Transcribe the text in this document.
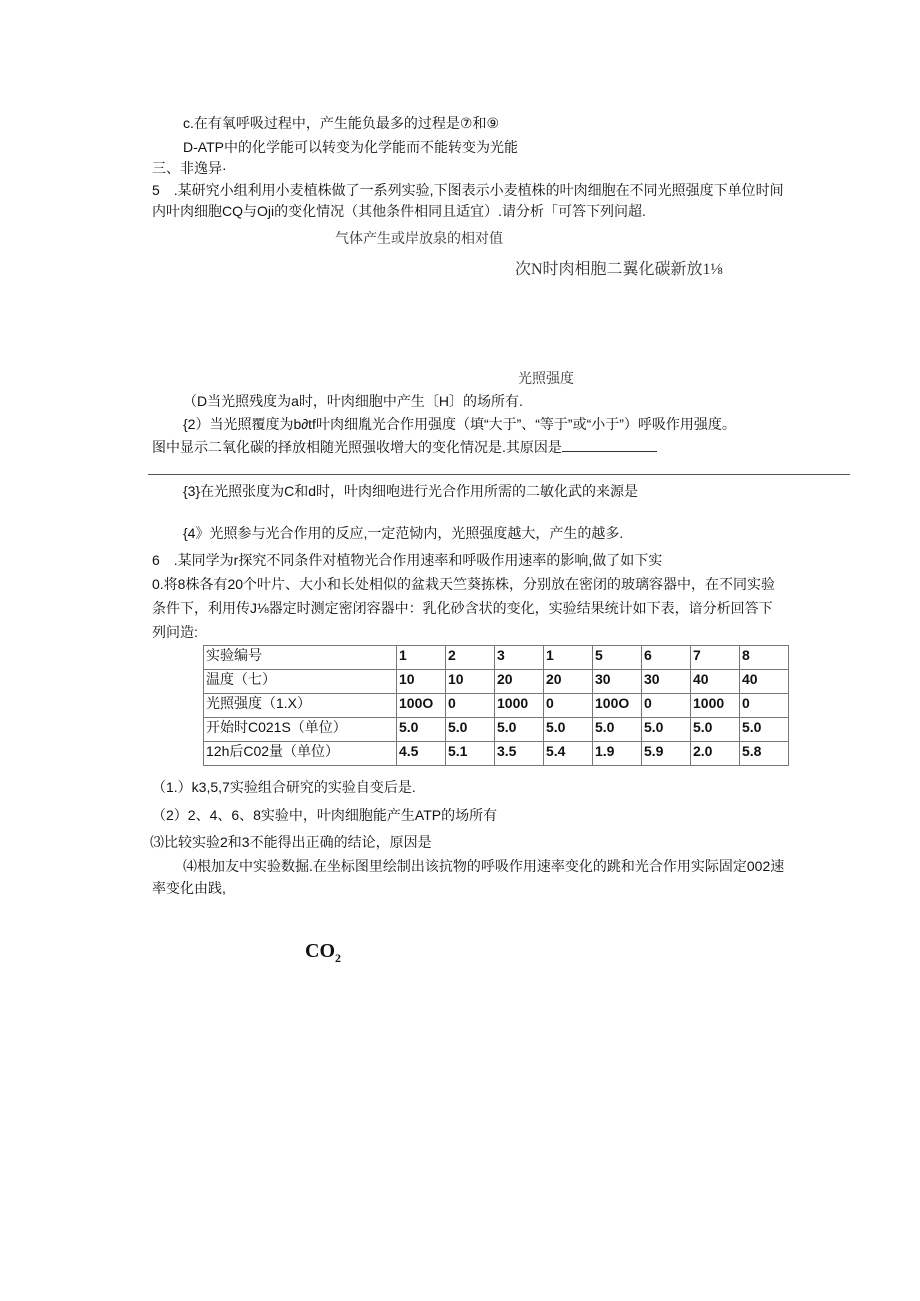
c.在有氧呼吸过程中，产生能负最多的过程是⑦和⑨
D-ATP中的化学能可以转变为化学能而不能转变为光能
三、非逸异·
5　.某研究小组利用小麦植株做了一系列实验,下图表示小麦植株的叶肉细胞在不同光照强度下单位时间
内叶肉细胞CQ与Oji的变化情况（其他条件相同且适宜）.请分析「可答下列问超.
气体产生或岸放泉的相对值
次N时肉相胞二翼化碳新放1⅛
光照强度
（D当光照残度为a时，叶肉细胞中产生〔H〕的场所有.
{2）当光照覆度为b∂tf叶肉细胤光合作用强度（填“大于”、“等于”或“小于”）呼吸作用强度。
图中显示二氧化碳的择放相随光照强收增大的变化情况是.其原因是
{3}在光照张度为C和d时，叶肉细咆进行光合作用所需的二敏化武的来源是
{4》光照参与光合作用的反应,一定范恸内，光照强度越大，产生的越多.
6　.某同学为r探究不同条件对植物光合作用速率和呼吸作用速率的影响,做了如下实
0.将8株各有20个叶片、大小和长处相似的盆栽天竺葵拣株，分别放在密闭的玻璃容器中，在不同实验
条件下，利用传J⅛器定时测定密闭容器中：乳化砂含状的变化，实验结果统计如下表，谙分析回答下
列问造:
实验编号	1	2	3	1	5	6	7	8
温度（七）	10	10	20	20	30	30	40	40
光照强度（1.X）	100O	0	1000	0	100O	0	1000	0
开始时C021S（单位）	5.0	5.0	5.0	5.0	5.0	5.0	5.0	5.0
12h后C02量（单位）	4.5	5.1	3.5	5.4	1.9	5.9	2.0	5.8
（1.）k3,5,7实验组合研究的实验自变后是.
（2）2、4、6、8实验中，叶肉细胞能产生ATP的场所有
⑶比较实验2和3不能得出正确的结论，原因是
⑷根加友中实验数掘.在坐标图里绘制出该抗物的呼吸作用速率变化的跳和光合作用实际固定002速
率变化由践,
$CO_2$
